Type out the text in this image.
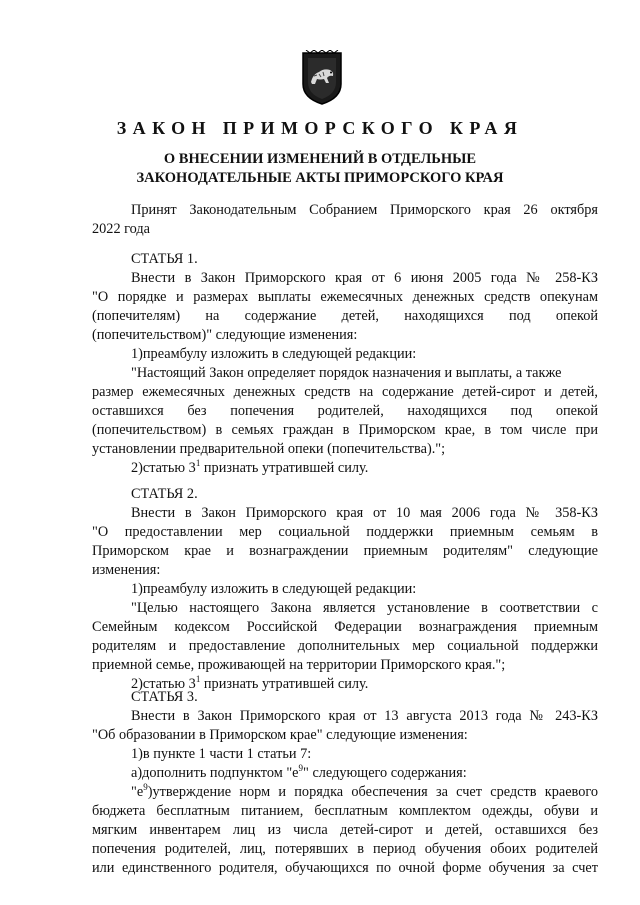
ЗАКОН ПРИМОРСКОГО КРАЯ
О ВНЕСЕНИИ ИЗМЕНЕНИЙ В ОТДЕЛЬНЫЕ
ЗАКОНОДАТЕЛЬНЫЕ АКТЫ ПРИМОРСКОГО КРАЯ
Принят Законодательным Собранием Приморского края 26 октября
2022 года
СТАТЬЯ 1.
Внести в Закон Приморского края от 6 июня 2005 года № 258-КЗ
"О порядке и размерах выплаты ежемесячных денежных средств опекунам
(попечителям) на содержание детей, находящихся под опекой
(попечительством)" следующие изменения:
1)преамбулу изложить в следующей редакции:
"Настоящий Закон определяет порядок назначения и выплаты, а также
размер ежемесячных денежных средств на содержание детей-сирот и детей,
оставшихся без попечения родителей, находящихся под опекой
(попечительством) в семьях граждан в Приморском крае, в том числе при
установлении предварительной опеки (попечительства).";
2)статью $3^1$ признать утратившей силу.
СТАТЬЯ 2.
Внести в Закон Приморского края от 10 мая 2006 года № 358-КЗ
"О предоставлении мер социальной поддержки приемным семьям в
Приморском крае и вознаграждении приемным родителям" следующие
изменения:
1)преамбулу изложить в следующей редакции:
"Целью настоящего Закона является установление в соответствии с
Семейным кодексом Российской Федерации вознаграждения приемным
родителям и предоставление дополнительных мер социальной поддержки
приемной семье, проживающей на территории Приморского края.";
2)статью $3^1$ признать утратившей силу.
СТАТЬЯ 3.
Внести в Закон Приморского края от 13 августа 2013 года № 243-КЗ
"Об образовании в Приморском крае" следующие изменения:
1)в пункте 1 части 1 статьи 7:
а)дополнить подпунктом "$е^9$" следующего содержания:
"$е^9)утверждение$ норм и порядка обеспечения за счет средств краевого
бюджета бесплатным питанием, бесплатным комплектом одежды, обуви и
мягким инвентарем лиц из числа детей-сирот и детей, оставшихся без
попечения родителей, лиц, потерявших в период обучения обоих родителей
или единственного родителя, обучающихся по очной форме обучения за счет
